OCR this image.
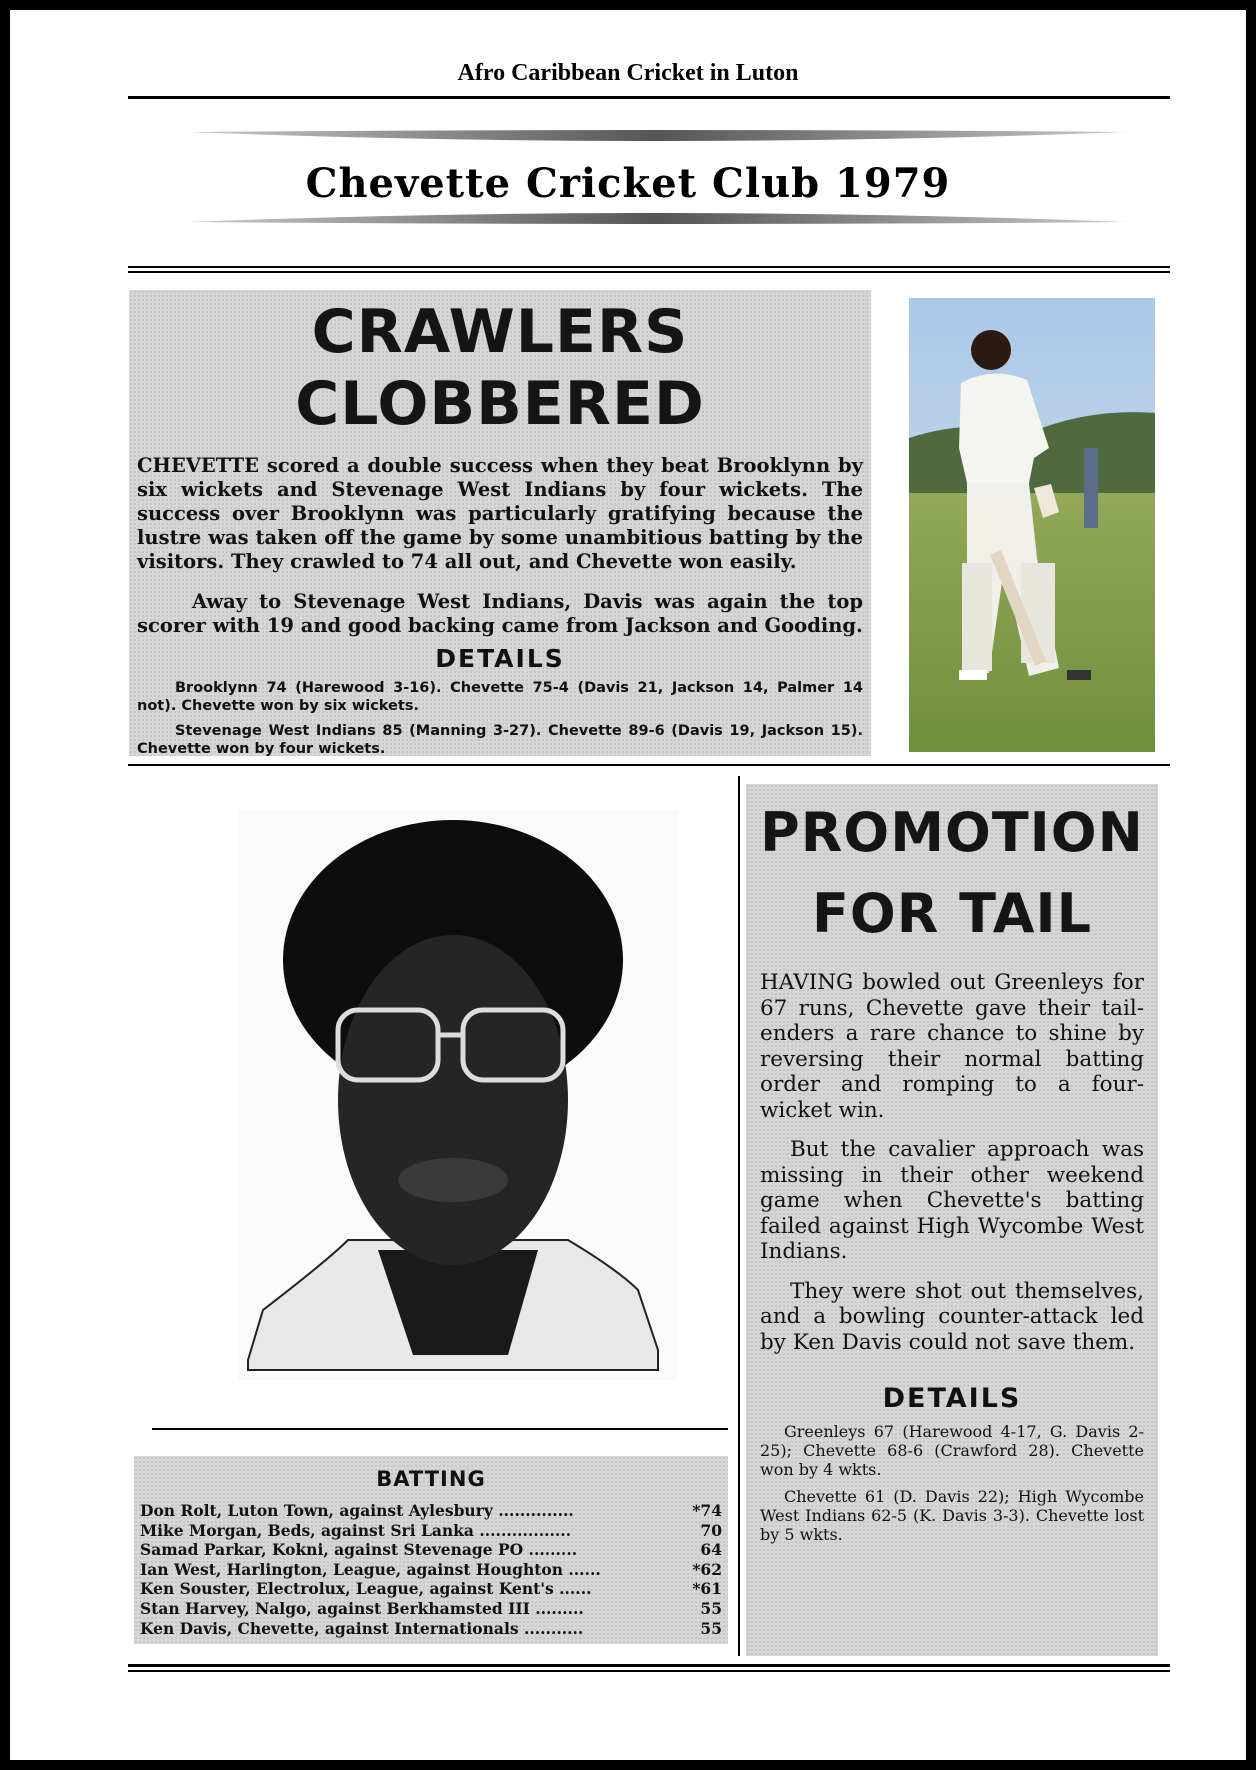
Afro Caribbean Cricket in Luton
Chevette Cricket Club 1979
CRAWLERS CLOBBERED
CHEVETTE scored a double success when they beat Brooklynn by six wickets and Stevenage West Indians by four wickets. The success over Brooklynn was particularly gratifying because the lustre was taken off the game by some unambitious batting by the visitors. They crawled to 74 all out, and Chevette won easily.
Away to Stevenage West Indians, Davis was again the top scorer with 19 and good backing came from Jackson and Gooding.
DETAILS
Brooklynn 74 (Harewood 3-16). Chevette 75-4 (Davis 21, Jackson 14, Palmer 14 not). Chevette won by six wickets.
Stevenage West Indians 85 (Manning 3-27). Chevette 89-6 (Davis 19, Jackson 15). Chevette won by four wickets.
BATTING
Don Rolt, Luton Town, against Aylesbury ..............	*74
Mike Morgan, Beds, against Sri Lanka .................	70
Samad Parkar, Kokni, against Stevenage PO .........	64
Ian West, Harlington, League, against Houghton ......	*62
Ken Souster, Electrolux, League, against Kent's ......	*61
Stan Harvey, Nalgo, against Berkhamsted III .........	55
Ken Davis, Chevette, against Internationals ...........	55
PROMOTION
FOR TAIL
HAVING bowled out Greenleys for 67 runs, Chevette gave their tail-enders a rare chance to shine by reversing their normal batting order and romping to a four-wicket win.
But the cavalier approach was missing in their other weekend game when Chevette's batting failed against High Wycombe West Indians.
They were shot out themselves, and a bowling counter-attack led by Ken Davis could not save them.
DETAILS
Greenleys 67 (Harewood 4-17, G. Davis 2-25); Chevette 68-6 (Crawford 28). Chevette won by 4 wkts.
Chevette 61 (D. Davis 22); High Wycombe West Indians 62-5 (K. Davis 3-3). Chevette lost by 5 wkts.
